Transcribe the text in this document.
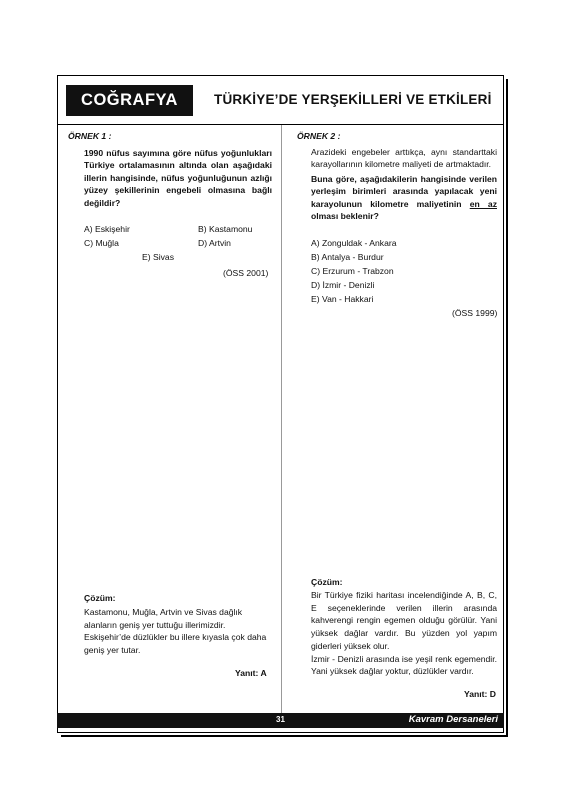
COĞRAFYA	TÜRKİYE’DE YERŞEKİLLERİ VE ETKİLERİ
ÖRNEK 1 :
1990 nüfus sayımına göre nüfus yoğunlukları Türkiye ortalamasının altında olan aşağıdaki illerin hangisinde, nüfus yoğunluğunun azlığı yüzey şekillerinin engebeli olmasına bağlı değildir?
A) Eskişehir	B) Kastamonu
C) Muğla	D) Artvin
E) Sivas
(ÖSS 2001)
Çözüm:
Kastamonu, Muğla, Artvin ve Sivas dağlık alanların geniş yer tuttuğu illerimizdir.
Eskişehir’de düzlükler bu illere kıyasla çok daha geniş yer tutar.
Yanıt: A
ÖRNEK 2 :
Arazideki engebeler arttıkça, aynı standarttaki karayollarının kilometre maliyeti de artmaktadır.
Buna göre, aşağıdakilerin hangisinde verilen yerleşim birimleri arasında yapılacak yeni karayolunun kilometre maliyetinin en az olması beklenir?
A) Zonguldak - Ankara
B) Antalya - Burdur
C) Erzurum - Trabzon
D) İzmir - Denizli
E) Van - Hakkari
(ÖSS 1999)
Çözüm:
Bir Türkiye fiziki haritası incelendiğinde A, B, C, E seçeneklerinde verilen illerin arasında kahverengi rengin egemen olduğu görülür. Yani yüksek dağlar vardır. Bu yüzden yol yapım giderleri yüksek olur.
İzmir - Denizli arasında ise yeşil renk egemendir. Yani yüksek dağlar yoktur, düzlükler vardır.
Yanıt: D
31	Kavram Dersaneleri
